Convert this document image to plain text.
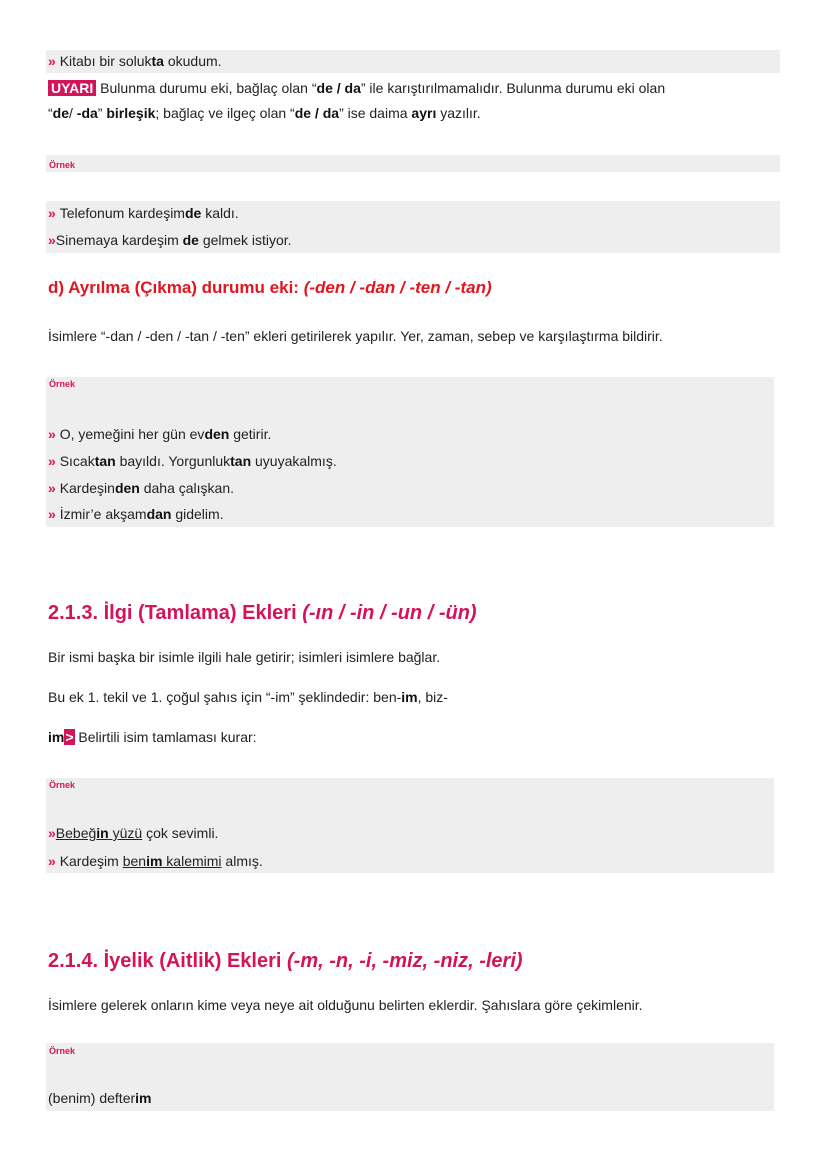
Örnek
Örnek
Örnek
Örnek
d) Ayrılma (Çıkma) durumu eki: (-den / -dan / -ten / -tan)
2.1.3. İlgi (Tamlama) Ekleri (-ın / -in / -un / -ün)
2.1.4. İyelik (Aitlik) Ekleri (-m, -n, -i, -miz, -niz, -leri)
» Kitabı bir solukta okudum.
UYARI Bulunma durumu eki, bağlaç olan “de / da” ile karıştırılmamalıdır. Bulunma durumu eki olan
“de/ -da” birleşik; bağlaç ve ilgeç olan “de / da” ise daima ayrı yazılır.
» Telefonum kardeşimde kaldı.
»Sinemaya kardeşim de gelmek istiyor.
İsimlere “-dan / -den / -tan / -ten” ekleri getirilerek yapılır. Yer, zaman, sebep ve karşılaştırma bildirir.
» O, yemeğini her gün evden getirir.
» Sıcaktan bayıldı. Yorgunluktan uyuyakalmış.
» Kardeşinden daha çalışkan.
» İzmir’e akşamdan gidelim.
Bir ismi başka bir isimle ilgili hale getirir; isimleri isimlere bağlar.
Bu ek 1. tekil ve 1. çoğul şahıs için “-im” şeklindedir: ben-im, biz-
im> Belirtili isim tamlaması kurar:
»Bebeğin yüzü çok sevimli.
» Kardeşim benim kalemimi almış.
İsimlere gelerek onların kime veya neye ait olduğunu belirten eklerdir. Şahıslara göre çekimlenir.
(benim) defterim
